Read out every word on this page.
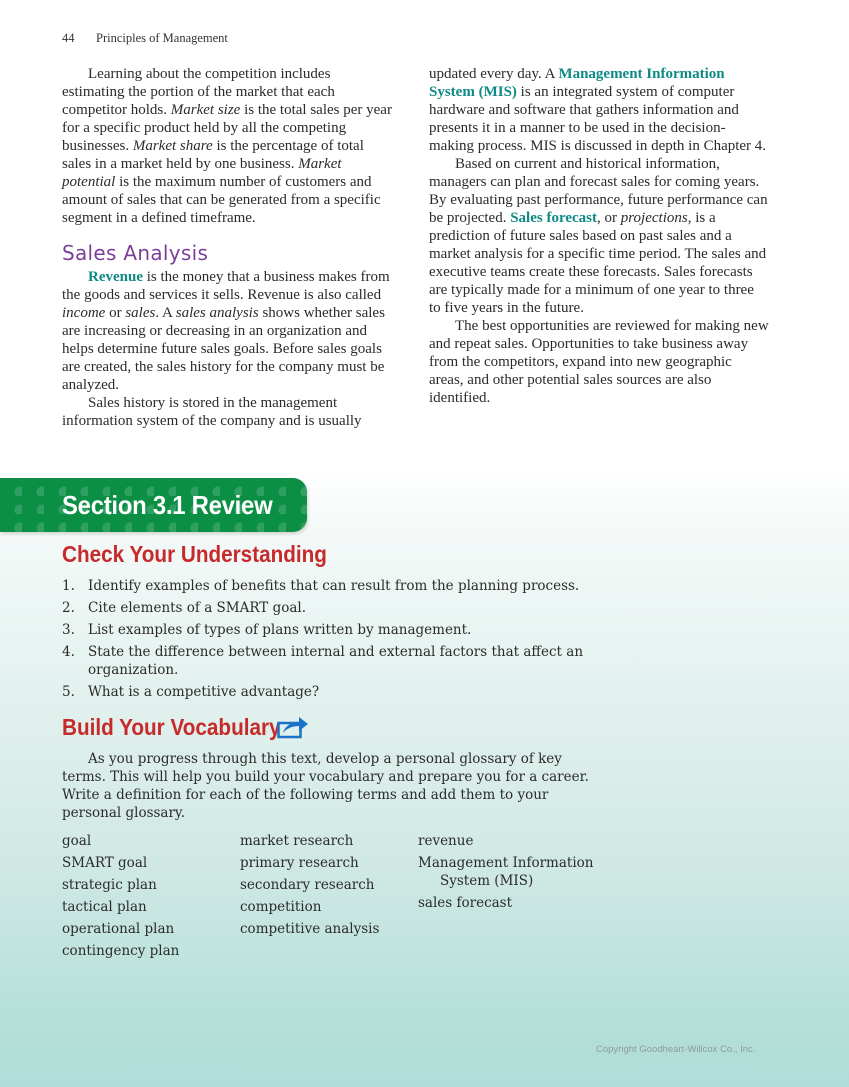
44 Principles of Management

Learning about the competition includes estimating the portion of the market that each competitor holds. Market size is the total sales per year for a specific product held by all the competing businesses. Market share is the percentage of total sales in a market held by one business. Market potential is the maximum number of customers and amount of sales that can be generated from a specific segment in a defined timeframe.

Sales Analysis

Revenue is the money that a business makes from the goods and services it sells. Revenue is also called income or sales. A sales analysis shows whether sales are increasing or decreasing in an organization and helps determine future sales goals. Before sales goals are created, the sales history for the company must be analyzed.

Sales history is stored in the management information system of the company and is usually

updated every day. A Management Information System (MIS) is an integrated system of computer hardware and software that gathers information and presents it in a manner to be used in the decision-making process. MIS is discussed in depth in Chapter 4.

Based on current and historical information, managers can plan and forecast sales for coming years. By evaluating past performance, future performance can be projected. Sales forecast, or projections, is a prediction of future sales based on past sales and a market analysis for a specific time period. The sales and executive teams create these forecasts. Sales forecasts are typically made for a minimum of one year to three to five years in the future.

The best opportunities are reviewed for making new and repeat sales. Opportunities to take business away from the competitors, expand into new geographic areas, and other potential sales sources are also identified.

Section 3.1 Review
Check Your Understanding
1. Identify examples of benefits that can result from the planning process.
2. Cite elements of a SMART goal.
3. List examples of types of plans written by management.
4. State the difference between internal and external factors that affect an organization.
5. What is a competitive advantage?
Build Your Vocabulary

As you progress through this text, develop a personal glossary of key terms. This will help you build your vocabulary and prepare you for a career. Write a definition for each of the following terms and add them to your personal glossary.

goal
SMART goal
strategic plan
tactical plan
operational plan
contingency plan
market research
primary research
secondary research
competition
competitive analysis
revenue
Management Information System (MIS)
sales forecast
Copyright Goodheart-Willcox Co., Inc.
